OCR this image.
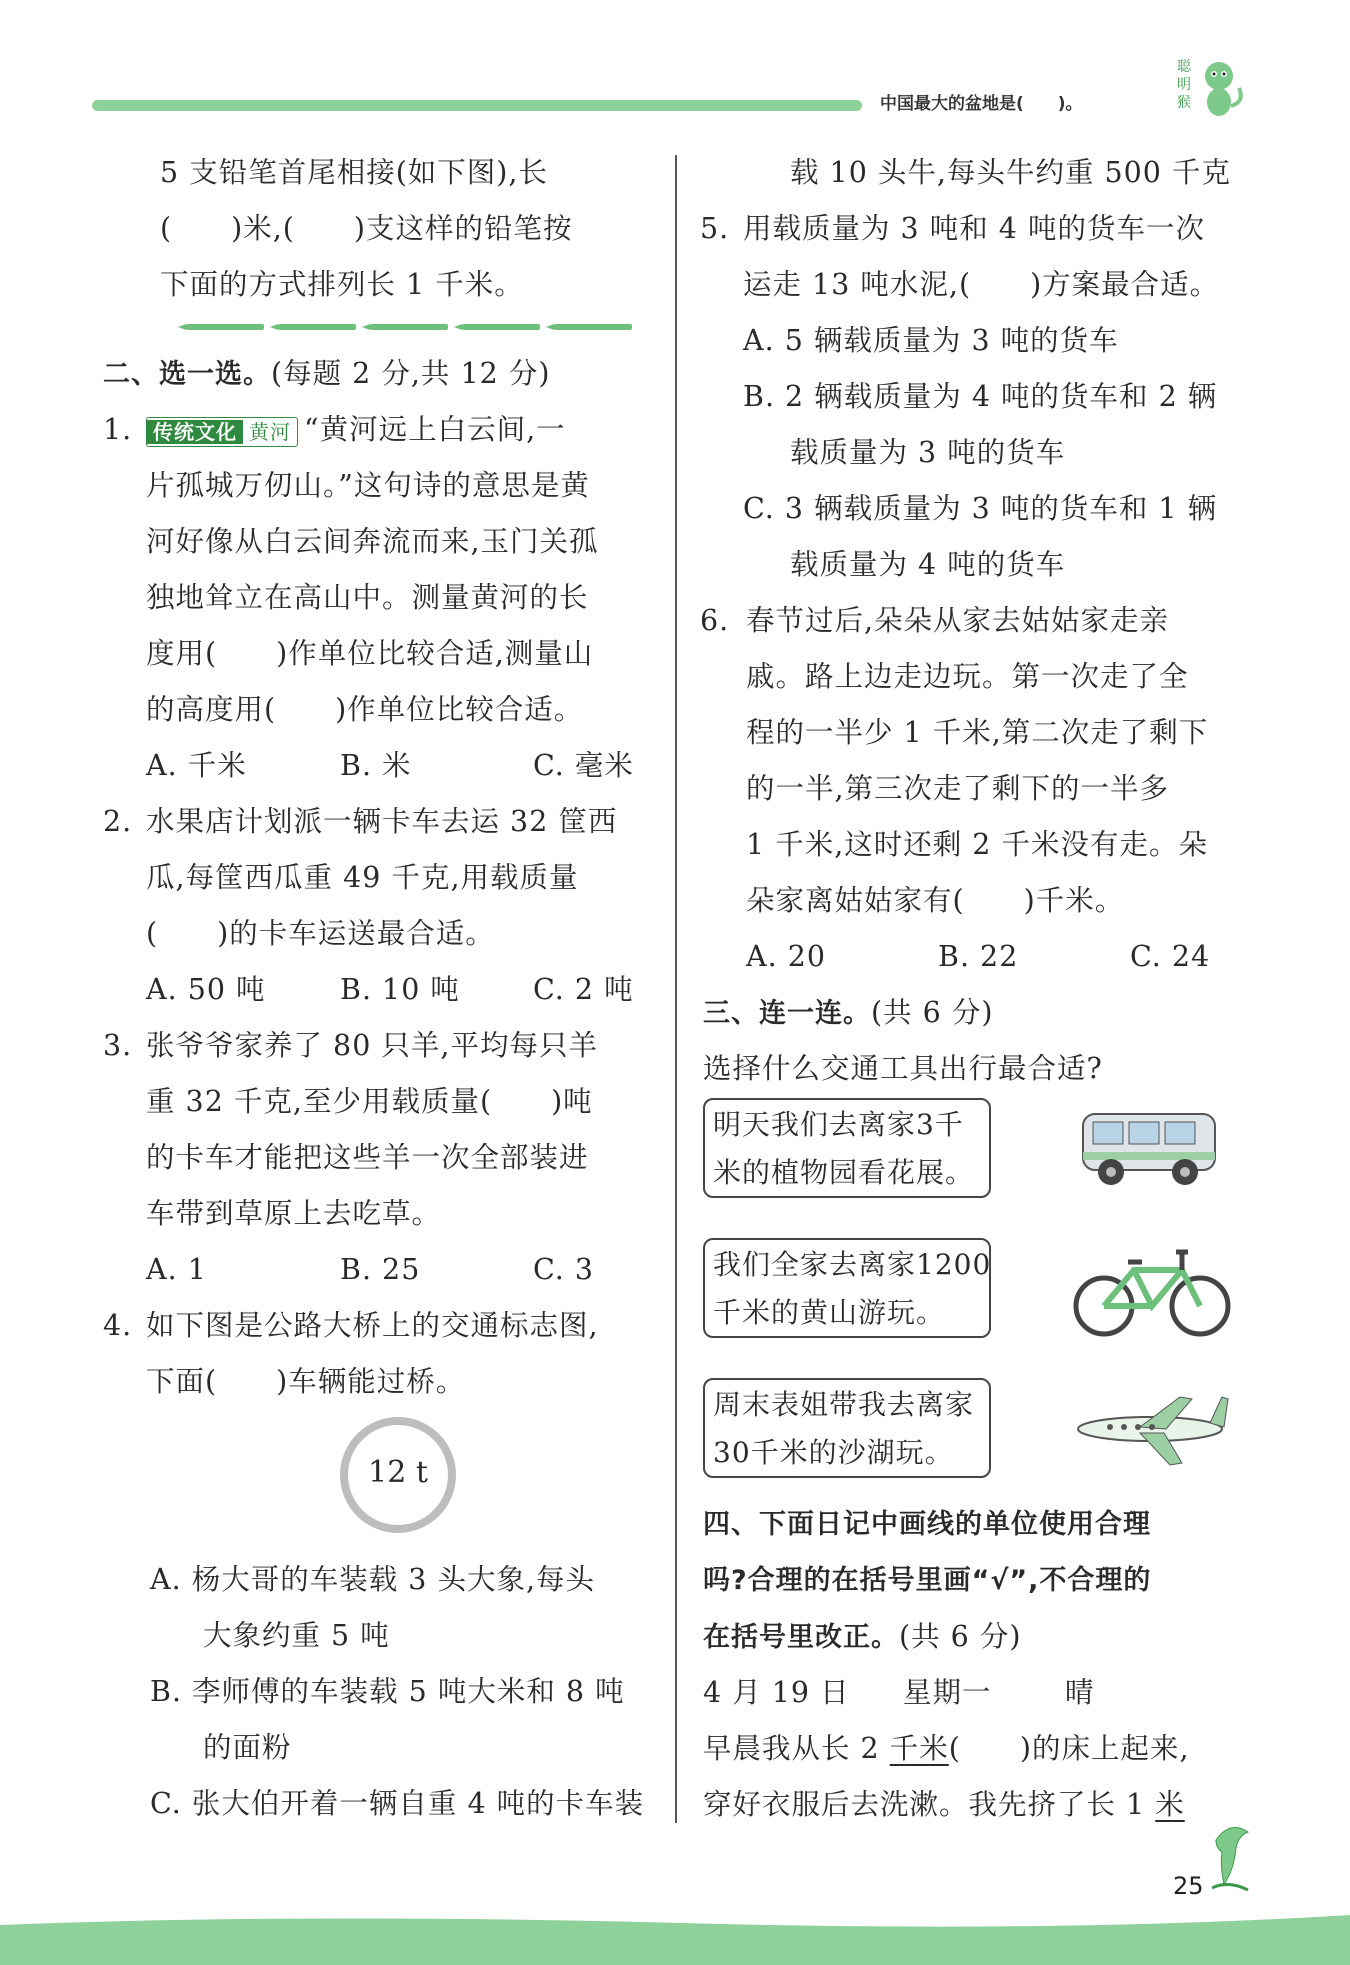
中国最大的盆地是(　　)。
聪明猴
5 支铅笔首尾相接(如下图),长
(　　)米,(　　)支这样的铅笔按
下面的方式排列长 1 千米。
二、选一选。(每题 2 分,共 12 分)
1.	传统文化 黄河 “黄河远上白云间,一
片孤城万仞山。”这句诗的意思是黄
河好像从白云间奔流而来,玉门关孤
独地耸立在高山中。测量黄河的长
度用(　　)作单位比较合适,测量山
的高度用(　　)作单位比较合适。
A. 千米	B. 米	C. 毫米
2. 水果店计划派一辆卡车去运 32 筐西
瓜,每筐西瓜重 49 千克,用载质量
(　　)的卡车运送最合适。
A. 50 吨	B. 10 吨	C. 2 吨
3. 张爷爷家养了 80 只羊,平均每只羊
重 32 千克,至少用载质量(　　)吨
的卡车才能把这些羊一次全部装进
车带到草原上去吃草。
A. 1	B. 25	C. 3
4. 如下图是公路大桥上的交通标志图,
下面(　　)车辆能过桥。
12 t
A. 杨大哥的车装载 3 头大象,每头
大象约重 5 吨
B. 李师傅的车装载 5 吨大米和 8 吨
的面粉
C. 张大伯开着一辆自重 4 吨的卡车装
载 10 头牛,每头牛约重 500 千克
5. 用载质量为 3 吨和 4 吨的货车一次
运走 13 吨水泥,(　　)方案最合适。
A. 5 辆载质量为 3 吨的货车
B. 2 辆载质量为 4 吨的货车和 2 辆
载质量为 3 吨的货车
C. 3 辆载质量为 3 吨的货车和 1 辆
载质量为 4 吨的货车
6. 春节过后,朵朵从家去姑姑家走亲
戚。路上边走边玩。第一次走了全
程的一半少 1 千米,第二次走了剩下
的一半,第三次走了剩下的一半多
1 千米,这时还剩 2 千米没有走。朵
朵家离姑姑家有(　　)千米。
A. 20	B. 22	C. 24
三、连一连。(共 6 分)
选择什么交通工具出行最合适?
明天我们去离家3千
米的植物园看花展。
我们全家去离家1200
千米的黄山游玩。
周末表姐带我去离家
30千米的沙湖玩。
四、下面日记中画线的单位使用合理
吗?合理的在括号里画“√”,不合理的
在括号里改正。(共 6 分)
4 月 19 日 星期一	晴
早晨我从长 2 千米(　　)的床上起来,
穿好衣服后去洗漱。我先挤了长 1 米
25
